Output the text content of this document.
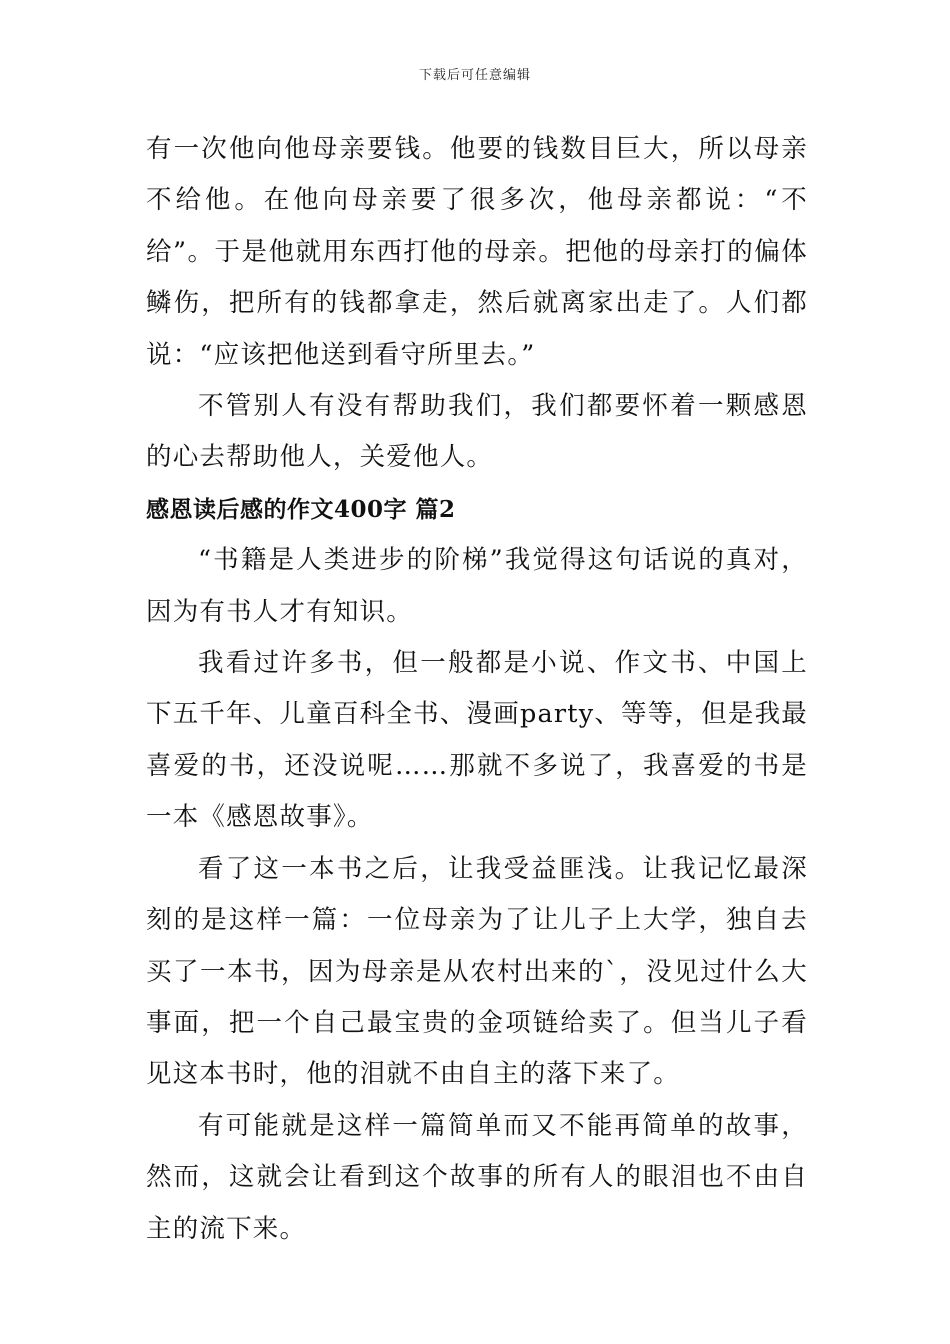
下载后可任意编辑

有一次他向他母亲要钱。他要的钱数目巨大，所以母亲不给他。在他向母亲要了很多次，他母亲都说：“不给”。于是他就用东西打他的母亲。把他的母亲打的偏体鳞伤，把所有的钱都拿走，然后就离家出走了。人们都说：“应该把他送到看守所里去。”

不管别人有没有帮助我们，我们都要怀着一颗感恩的心去帮助他人，关爱他人。

感恩读后感的作文400字 篇2

“书籍是人类进步的阶梯”我觉得这句话说的真对，因为有书人才有知识。

我看过许多书，但一般都是小说、作文书、中国上下五千年、儿童百科全书、漫画party、等等，但是我最喜爱的书，还没说呢……那就不多说了，我喜爱的书是一本《感恩故事》。

看了这一本书之后，让我受益匪浅。让我记忆最深刻的是这样一篇：一位母亲为了让儿子上大学，独自去买了一本书，因为母亲是从农村出来的`，没见过什么大事面，把一个自己最宝贵的金项链给卖了。但当儿子看见这本书时，他的泪就不由自主的落下来了。

有可能就是这样一篇简单而又不能再简单的故事，然而，这就会让看到这个故事的所有人的眼泪也不由自主的流下来。
